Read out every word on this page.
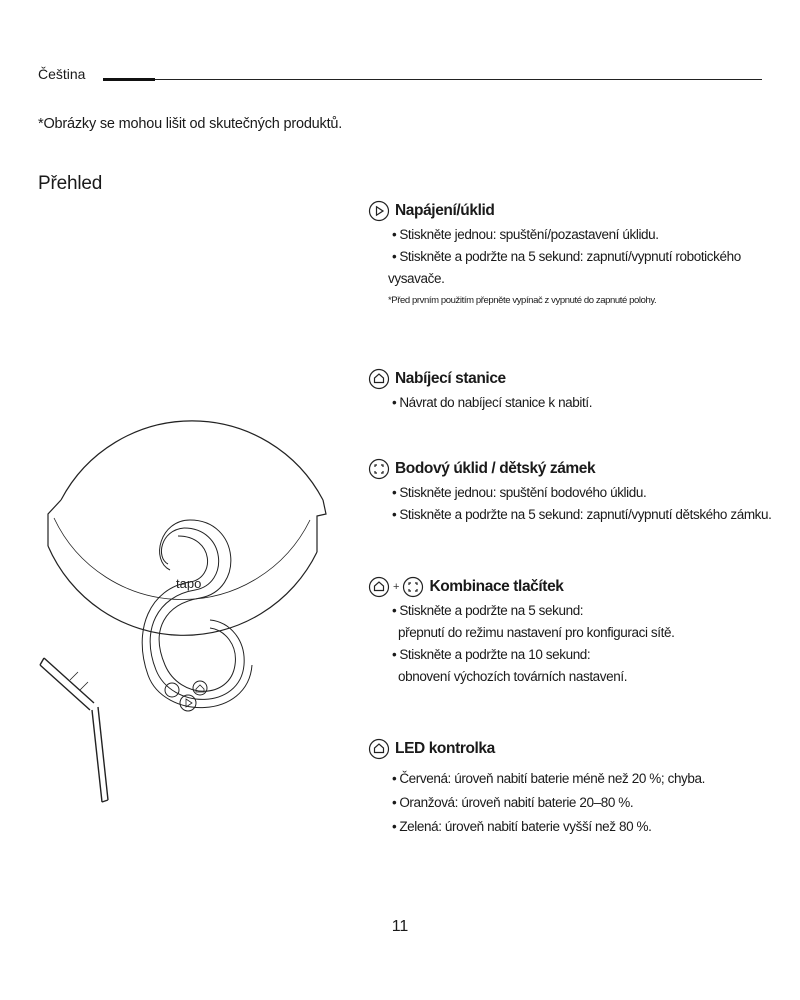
Čeština
*Obrázky se mohou lišit od skutečných produktů.
Přehled
tapo
Napájení/úklid
• Stiskněte jednou: spuštění/pozastavení úklidu.
• Stiskněte a podržte na 5 sekund: zapnutí/vypnutí robotického
vysavače.
*Před prvním použitím přepněte vypínač z vypnuté do zapnuté polohy.
Nabíjecí stanice
• Návrat do nabíjecí stanice k nabití.
Bodový úklid / dětský zámek
• Stiskněte jednou: spuštění bodového úklidu.
• Stiskněte a podržte na 5 sekund: zapnutí/vypnutí dětského zámku.
+ Kombinace tlačítek
• Stiskněte a podržte na 5 sekund:
přepnutí do režimu nastavení pro konfiguraci sítě.
• Stiskněte a podržte na 10 sekund:
obnovení výchozích továrních nastavení.
LED kontrolka
• Červená: úroveň nabití baterie méně než 20 %; chyba.
• Oranžová: úroveň nabití baterie 20–80 %.
• Zelená: úroveň nabití baterie vyšší než 80 %.
11
